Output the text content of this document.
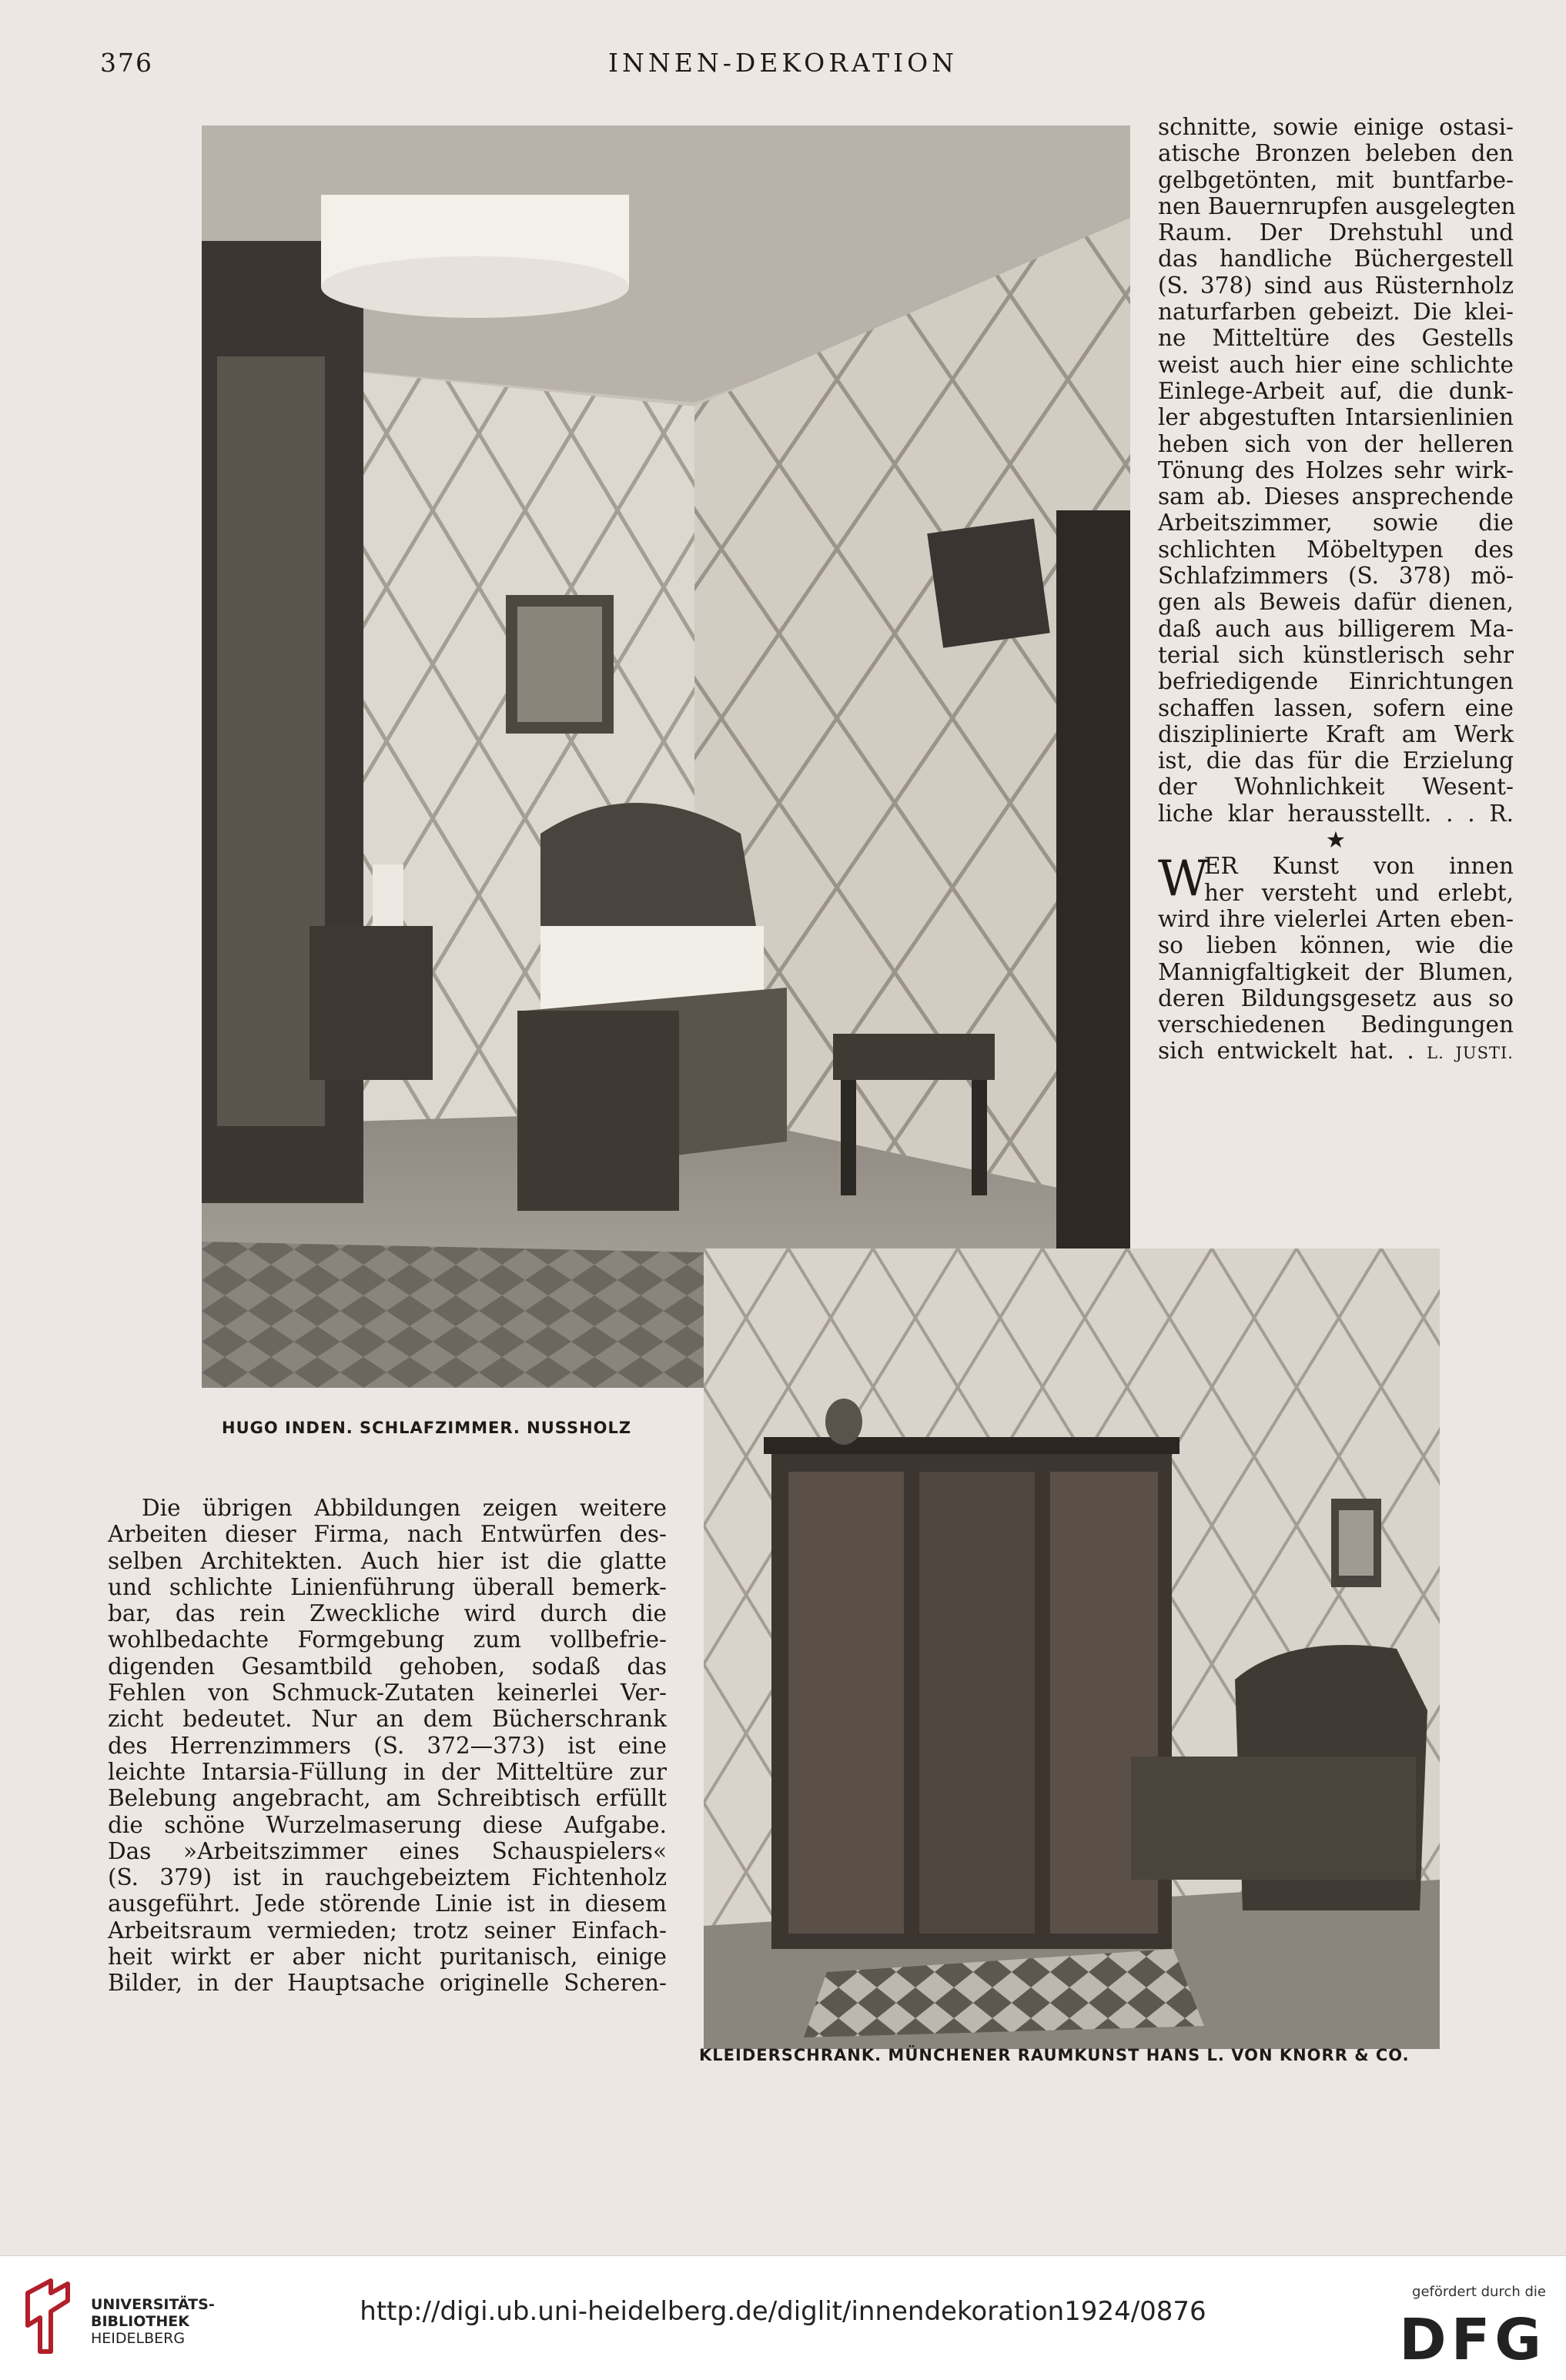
376	INNEN-DEKORATION
HUGO INDEN. SCHLAFZIMMER. NUSSHOLZ
KLEIDERSCHRANK. MÜNCHENER RAUMKUNST HANS L. VON KNORR & CO.
schnitte, sowie einige ostasi-
atische Bronzen beleben den
gelbgetönten, mit buntfarbe-
nen Bauernrupfen ausgelegten
Raum. Der Drehstuhl und
das handliche Büchergestell
(S. 378) sind aus Rüsternholz
naturfarben gebeizt. Die klei-
ne Mitteltüre des Gestells
weist auch hier eine schlichte
Einlege-Arbeit auf, die dunk-
ler abgestuften Intarsienlinien
heben sich von der helleren
Tönung des Holzes sehr wirk-
sam ab. Dieses ansprechende
Arbeitszimmer, sowie die
schlichten Möbeltypen des
Schlafzimmers (S. 378) mö-
gen als Beweis dafür dienen,
daß auch aus billigerem Ma-
terial sich künstlerisch sehr
befriedigende Einrichtungen
schaffen lassen, sofern eine
disziplinierte Kraft am Werk
ist, die das für die Erzielung
der Wohnlichkeit Wesent-
liche klar herausstellt. . . R.
★
W
ER Kunst von innen
her versteht und erlebt,
wird ihre vielerlei Arten eben-
so lieben können, wie die
Mannigfaltigkeit der Blumen,
deren Bildungsgesetz aus so
verschiedenen Bedingungen
sich entwickelt hat. . L. JUSTI.
Die übrigen Abbildungen zeigen weitere
Arbeiten dieser Firma, nach Entwürfen des-
selben Architekten. Auch hier ist die glatte
und schlichte Linienführung überall bemerk-
bar, das rein Zweckliche wird durch die
wohlbedachte Formgebung zum vollbefrie-
digenden Gesamtbild gehoben, sodaß das
Fehlen von Schmuck-Zutaten keinerlei Ver-
zicht bedeutet. Nur an dem Bücherschrank
des Herrenzimmers (S. 372—373) ist eine
leichte Intarsia-Füllung in der Mitteltüre zur
Belebung angebracht, am Schreibtisch erfüllt
die schöne Wurzelmaserung diese Aufgabe.
Das »Arbeitszimmer eines Schauspielers«
(S. 379) ist in rauchgebeiztem Fichtenholz
ausgeführt. Jede störende Linie ist in diesem
Arbeitsraum vermieden; trotz seiner Einfach-
heit wirkt er aber nicht puritanisch, einige
Bilder, in der Hauptsache originelle Scheren-
UNIVERSITÄTS-
BIBLIOTHEK
HEIDELBERG
http://digi.ub.uni-heidelberg.de/diglit/innendekoration1924/0876
gefördert durch die
DFG
